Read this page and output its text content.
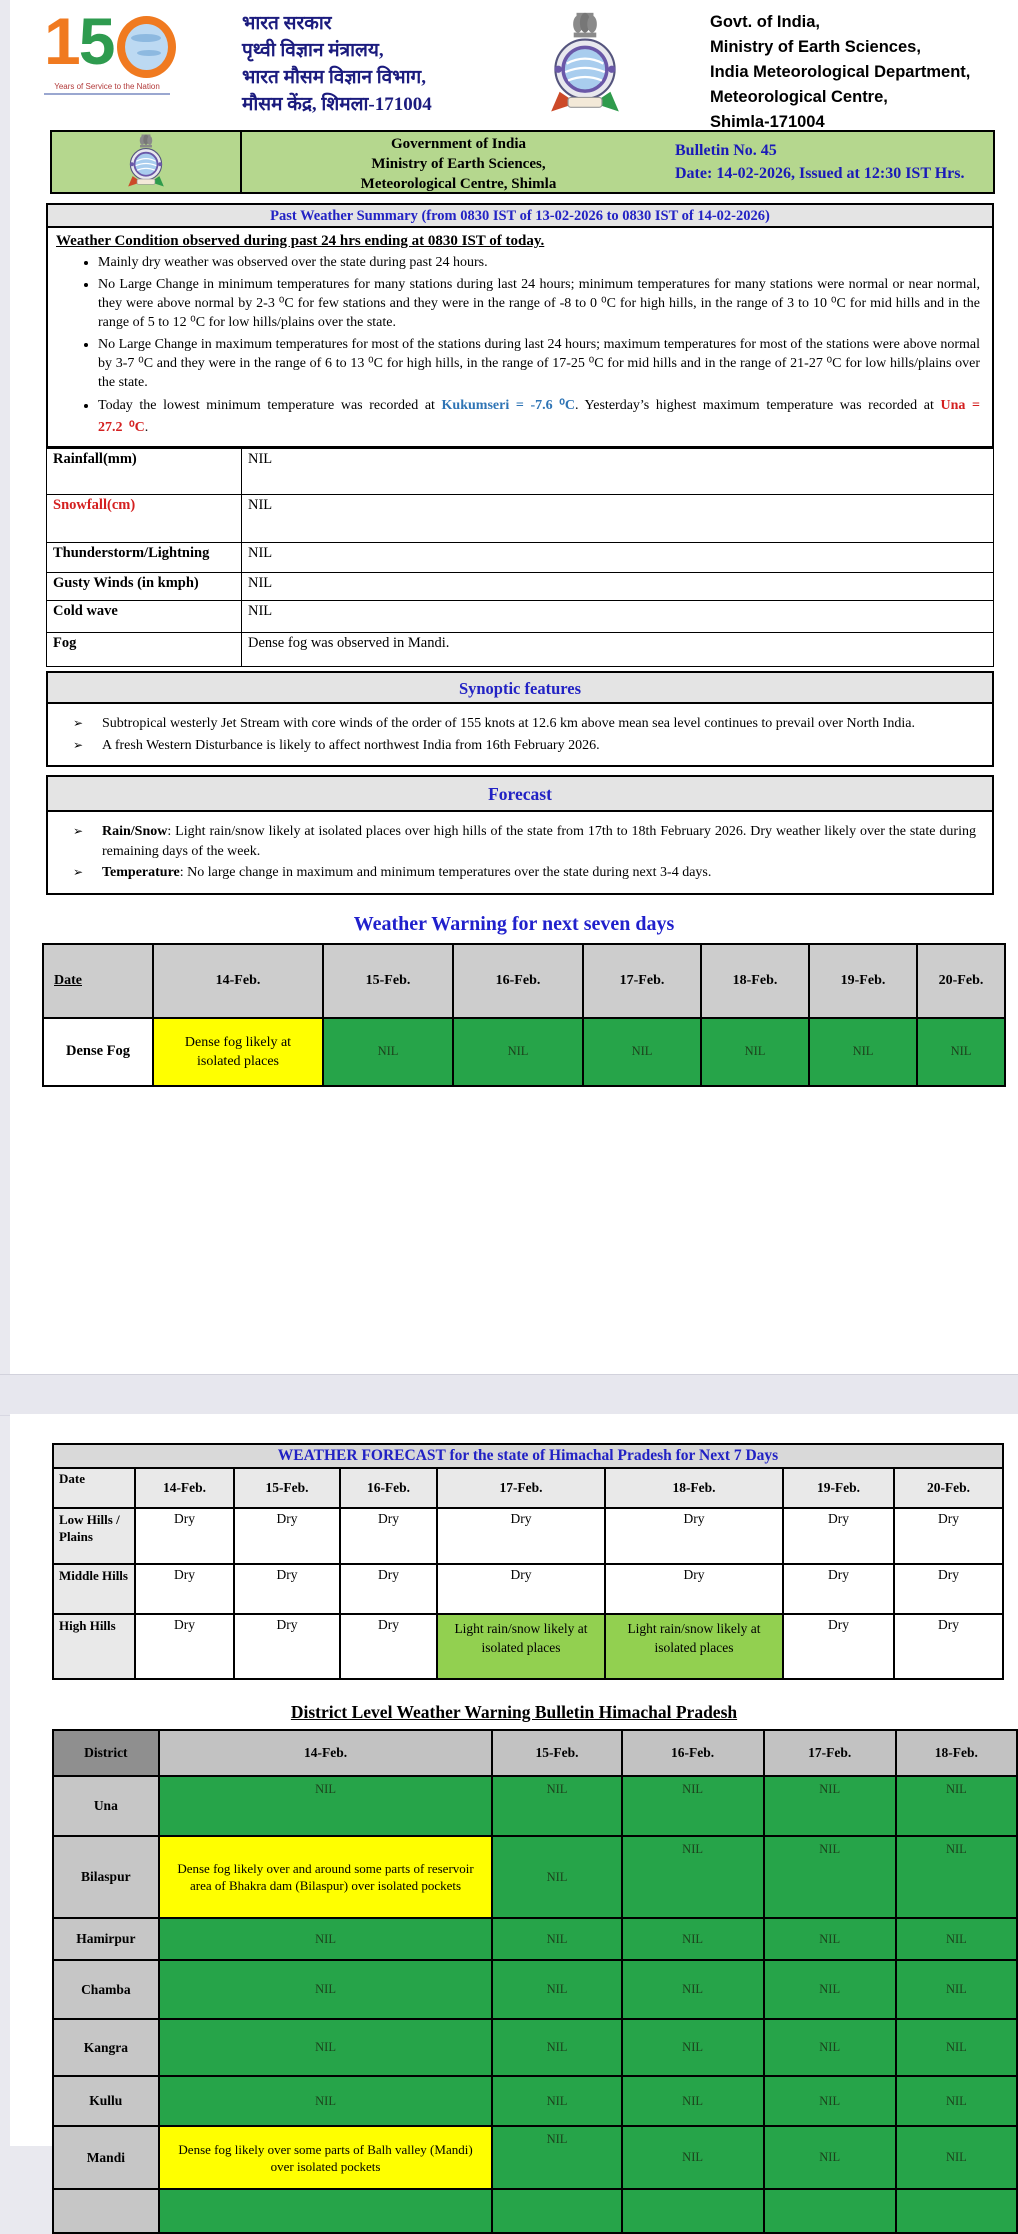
1
5
Years of Service to the Nation
भारत सरकार
पृथ्वी विज्ञान मंत्रालय,
भारत मौसम विज्ञान विभाग,
मौसम केंद्र, शिमला-171004
Govt. of India,
Ministry of Earth Sciences,
India Meteorological Department,
Meteorological Centre,
Shimla-171004
Government of India
Ministry of Earth Sciences,
Meteorological Centre, Shimla
Bulletin No. 45
Date: 14-02-2026, Issued at 12:30 IST Hrs.
Past Weather Summary (from 0830 IST of 13-02-2026 to 0830 IST of 14-02-2026)
Weather Condition observed during past 24 hrs ending at 0830 IST of today.
• Mainly dry weather was observed over the state during past 24 hours.
• No Large Change in minimum temperatures for many stations during last 24 hours; minimum temperatures for many stations were normal or near normal, they were above normal by 2-3 ⁰C for few stations and they were in the range of -8 to 0 ⁰C for high hills, in the range of 3 to 10 ⁰C for mid hills and in the range of 5 to 12 ⁰C for low hills/plains over the state.
• No Large Change in maximum temperatures for most of the stations during last 24 hours; maximum temperatures for most of the stations were above normal by 3-7 ⁰C and they were in the range of 6 to 13 ⁰C for high hills, in the range of 17-25 ⁰C for mid hills and in the range of 21-27 ⁰C for low hills/plains over the state.
• Today the lowest minimum temperature was recorded at Kukumseri = -7.6 ⁰C. Yesterday’s highest maximum temperature was recorded at Una = 27.2 ⁰C.
Rainfall(mm)	NIL
Snowfall(cm)	NIL
Thunderstorm/Lightning	NIL
Gusty Winds (in kmph)	NIL
Cold wave	NIL
Fog	Dense fog was observed in Mandi.
Synoptic features
➢	Subtropical westerly Jet Stream with core winds of the order of 155 knots at 12.6 km above mean sea level continues to prevail over North India.
➢	A fresh Western Disturbance is likely to affect northwest India from 16th February 2026.
Forecast
➢	Rain/Snow: Light rain/snow likely at isolated places over high hills of the state from 17th to 18th February 2026. Dry weather likely over the state during remaining days of the week.
➢	Temperature: No large change in maximum and minimum temperatures over the state during next 3-4 days.
Weather Warning for next seven days
Date	14-Feb.	15-Feb.	16-Feb.	17-Feb.	18-Feb.	19-Feb.	20-Feb.
Dense Fog	Dense fog likely at isolated places	NIL	NIL	NIL	NIL	NIL	NIL
WEATHER FORECAST for the state of Himachal Pradesh for Next 7 Days							
Date	14-Feb.	15-Feb.	16-Feb.	17-Feb.	18-Feb.	19-Feb.	20-Feb.
Low Hills / Plains	Dry	Dry	Dry	Dry	Dry	Dry	Dry
Middle Hills	Dry	Dry	Dry	Dry	Dry	Dry	Dry
High Hills	Dry	Dry	Dry	Light rain/snow likely at isolated places	Light rain/snow likely at isolated places	Dry	Dry
District Level Weather Warning Bulletin Himachal Pradesh
District	14-Feb.	15-Feb.	16-Feb.	17-Feb.	18-Feb.
Una	NIL	NIL	NIL	NIL	NIL
Bilaspur	Dense fog likely over and around some parts of reservoir area of Bhakra dam (Bilaspur) over isolated pockets	NIL	NIL	NIL	NIL
Hamirpur	NIL	NIL	NIL	NIL	NIL
Chamba	NIL	NIL	NIL	NIL	NIL
Kangra	NIL	NIL	NIL	NIL	NIL
Kullu	NIL	NIL	NIL	NIL	NIL
Mandi	Dense fog likely over some parts of Balh valley (Mandi) over isolated pockets	NIL	NIL	NIL	NIL
